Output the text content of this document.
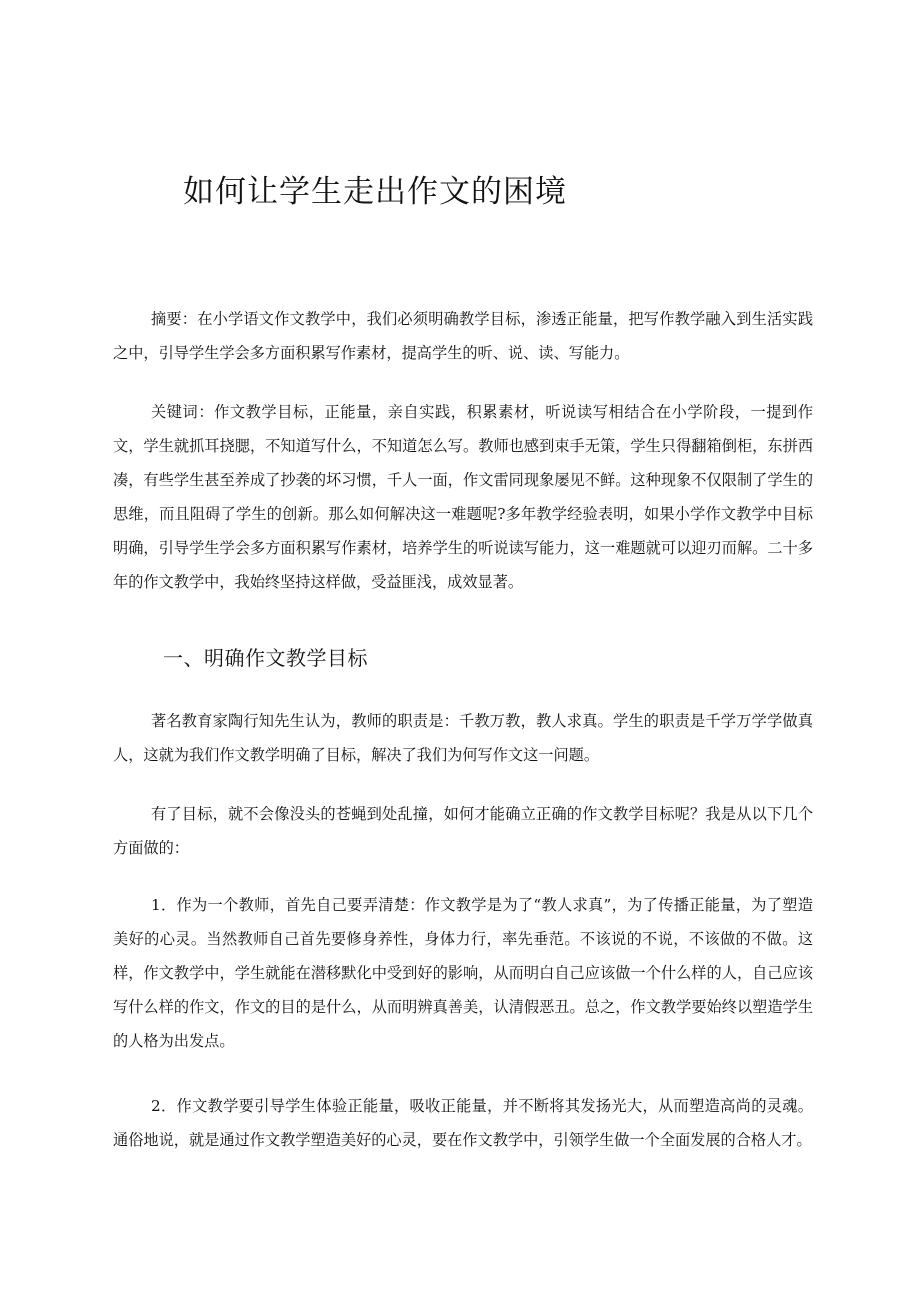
如何让学生走出作文的困境

摘要：在小学语文作文教学中，我们必须明确教学目标，渗透正能量，把写作教学融入到生活实践之中，引导学生学会多方面积累写作素材，提高学生的听、说、读、写能力。

关键词：作文教学目标，正能量，亲自实践，积累素材，听说读写相结合在小学阶段，一提到作文，学生就抓耳挠腮，不知道写什么，不知道怎么写。教师也感到束手无策，学生只得翻箱倒柜，东拼西凑，有些学生甚至养成了抄袭的坏习惯，千人一面，作文雷同现象屡见不鲜。这种现象不仅限制了学生的思维，而且阻碍了学生的创新。那么如何解决这一难题呢?多年教学经验表明，如果小学作文教学中目标明确，引导学生学会多方面积累写作素材，培养学生的听说读写能力，这一难题就可以迎刃而解。二十多年的作文教学中，我始终坚持这样做，受益匪浅，成效显著。

一、明确作文教学目标

著名教育家陶行知先生认为，教师的职责是：千教万教，教人求真。学生的职责是千学万学学做真人，这就为我们作文教学明确了目标，解决了我们为何写作文这一问题。

有了目标，就不会像没头的苍蝇到处乱撞，如何才能确立正确的作文教学目标呢？我是从以下几个方面做的：

1．作为一个教师，首先自己要弄清楚：作文教学是为了“教人求真”，为了传播正能量，为了塑造美好的心灵。当然教师自己首先要修身养性，身体力行，率先垂范。不该说的不说，不该做的不做。这样，作文教学中，学生就能在潜移默化中受到好的影响，从而明白自己应该做一个什么样的人，自己应该写什么样的作文，作文的目的是什么，从而明辨真善美，认清假恶丑。总之，作文教学要始终以塑造学生的人格为出发点。

2．作文教学要引导学生体验正能量，吸收正能量，并不断将其发扬光大，从而塑造高尚的灵魂。通俗地说，就是通过作文教学塑造美好的心灵，要在作文教学中，引领学生做一个全面发展的合格人才。
